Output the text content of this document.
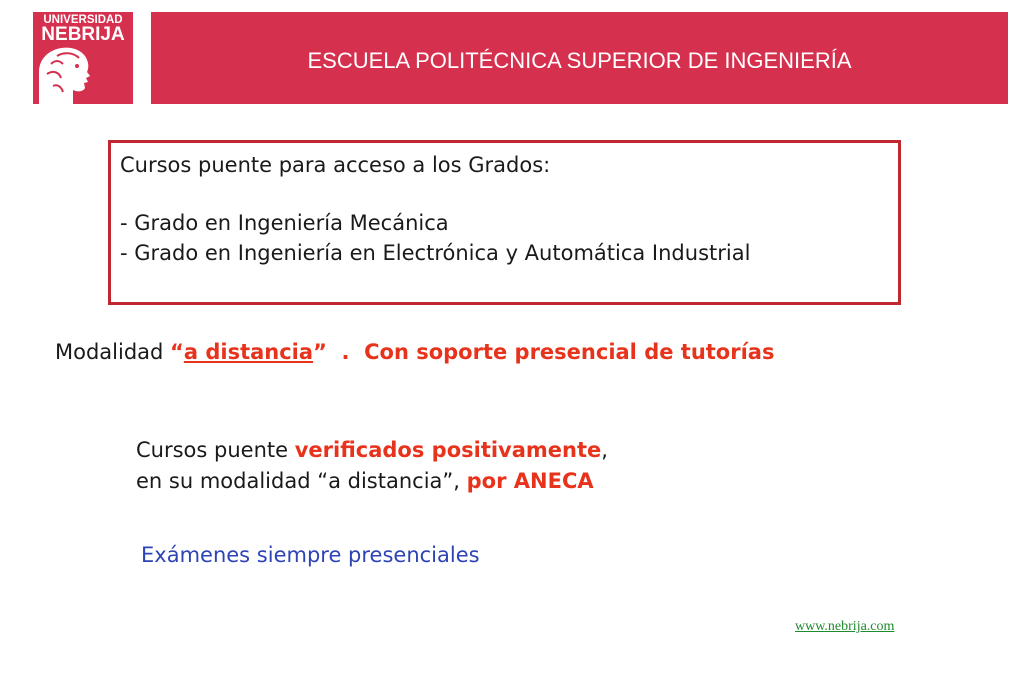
UNIVERSIDAD
NEBRIJA
ESCUELA POLITÉCNICA SUPERIOR DE INGENIERÍA
Cursos puente para acceso a los Grados:
- Grado en Ingeniería Mecánica
- Grado en Ingeniería en Electrónica y Automática Industrial
Modalidad “a distancia”  .  Con soporte presencial de tutorías
Cursos puente verificados positivamente,
en su modalidad “a distancia”, por ANECA
Exámenes siempre presenciales
www.nebrija.com
